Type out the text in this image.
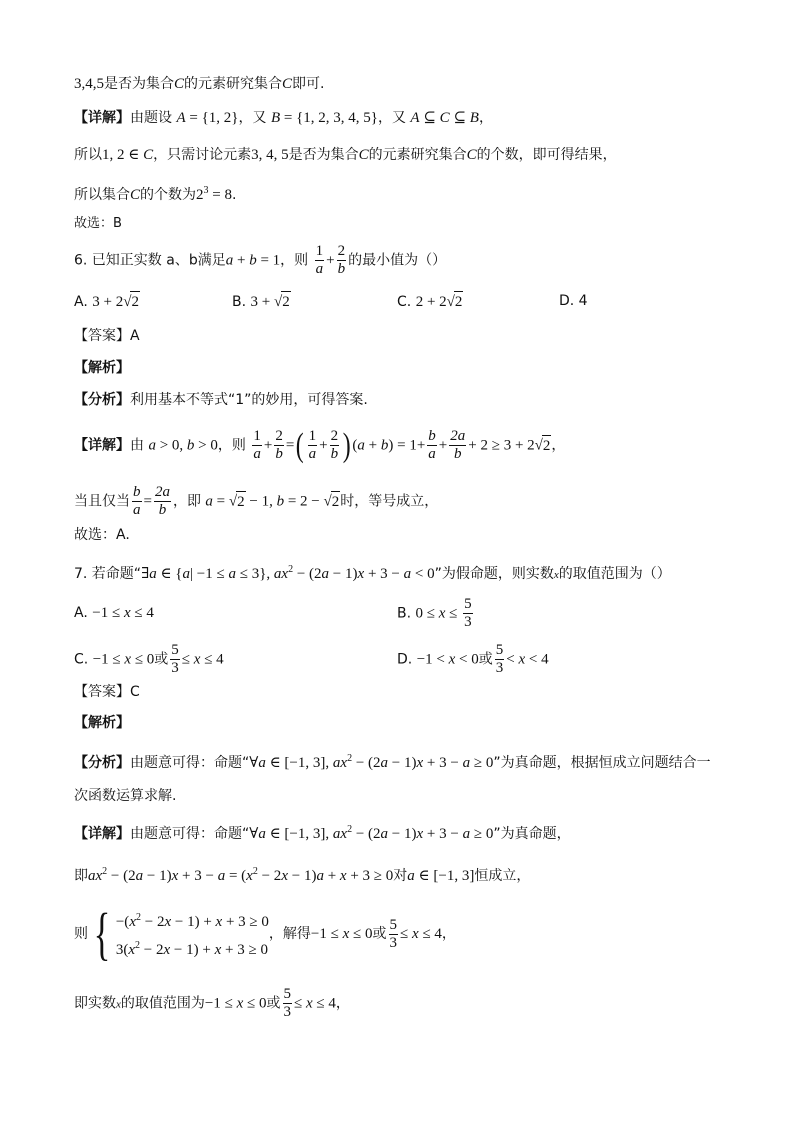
3,4,5是否为集合C的元素研究集合C即可.
【详解】由题设 A = {1, 2}，又 B = {1, 2, 3, 4, 5}，又 A ⊆ C ⊆ B，
所以1, 2 ∈ C，只需讨论元素3, 4, 5是否为集合C的元素研究集合C的个数，即可得结果，
所以集合C的个数为$2^3 = 8$.
故选：B
6. 已知正实数 a、b满足a + b = 1，则 $\frac{1}{a} + \frac{2}{b}$ 的最小值为（）
A. 3 + 2√2	B. 3 + √2	C. 2 + 2√2	D. 4
【答案】A
【解析】
【分析】利用基本不等式“1”的妙用，可得答案.
【详解】由 a > 0, b > 0，则 $\frac{1}{a} + \frac{2}{b}$ =( $\frac{1}{a} + \frac{2}{b}$ ) $(a + b) = 1+ \frac{b}{a} + \frac{2a}{b} + 2 \ge 3 + 2√2$，
当且仅当 $\frac{b}{a} = \frac{2a}{b}$ ，即 a = √2 − 1, b = 2 − √2时，等号成立，
故选：A.
7. 若命题“∃a ∈ {a| −1 ≤ a ≤ 3}, $ax^2 - (2a - 1)x + 3 - a < 0$”为假命题，则实数x的取值范围为（）
A. −1 ≤ x ≤ 4	B. $0 \le x \le \frac{5}{3}$
C. −1 ≤ x ≤ 0或 $\frac{5}{3} \le x \le 4$	D. −1 < x < 0或 $\frac{5}{3} < x < 4$
【答案】C
【解析】
【分析】由题意可得：命题“∀a ∈ [−1, 3], $ax^2 - (2a - 1)x + 3 - a \ge 0$”为真命题，根据恒成立问题结合一
次函数运算求解.
【详解】由题意可得：命题“∀a ∈ [−1, 3], $ax^2 - (2a - 1)x + 3 - a \ge 0$”为真命题，
即$ax^2 - (2a - 1)x + 3 - a = (x^2 - 2x - 1)a + x + 3 \ge 0$对a ∈ [−1, 3]恒成立，
则{ $-(x^2 - 2x - 1) + x + 3 \ge 0$
$3(x^2 - 2x - 1) + x + 3 \ge 0$，解得−1 ≤ x ≤ 0或 $\frac{5}{3} \le x \le 4$，
即实数x的取值范围为−1 ≤ x ≤ 0或 $\frac{5}{3} \le x \le 4$，
